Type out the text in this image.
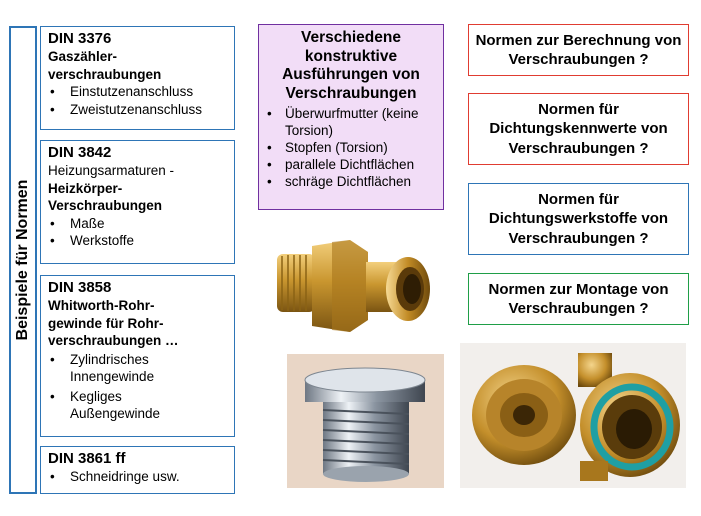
Beispiele für Normen
DIN 3376
Gaszähler-verschraubungen
• Einstutzenanschluss
• Zweistutzenanschluss
DIN 3842
Heizungsarmaturen -
Heizkörper-Verschraubungen
• Maße
• Werkstoffe
DIN 3858
Whitworth-Rohr-gewinde für Rohr-verschraubungen …
• Zylindrisches Innengewinde
• Kegliges Außengewinde
DIN 3861 ff
• Schneidringe usw.
Verschiedene konstruktive Ausführungen von Verschraubungen
• Überwurfmutter (keine Torsion)
• Stopfen (Torsion)
• parallele Dichtflächen
• schräge Dichtflächen
Normen zur Berechnung von Verschraubungen ?
Normen für Dichtungskennwerte von Verschraubungen ?
Normen für Dichtungswerkstoffe von Verschraubungen ?
Normen zur Montage von Verschraubungen ?
